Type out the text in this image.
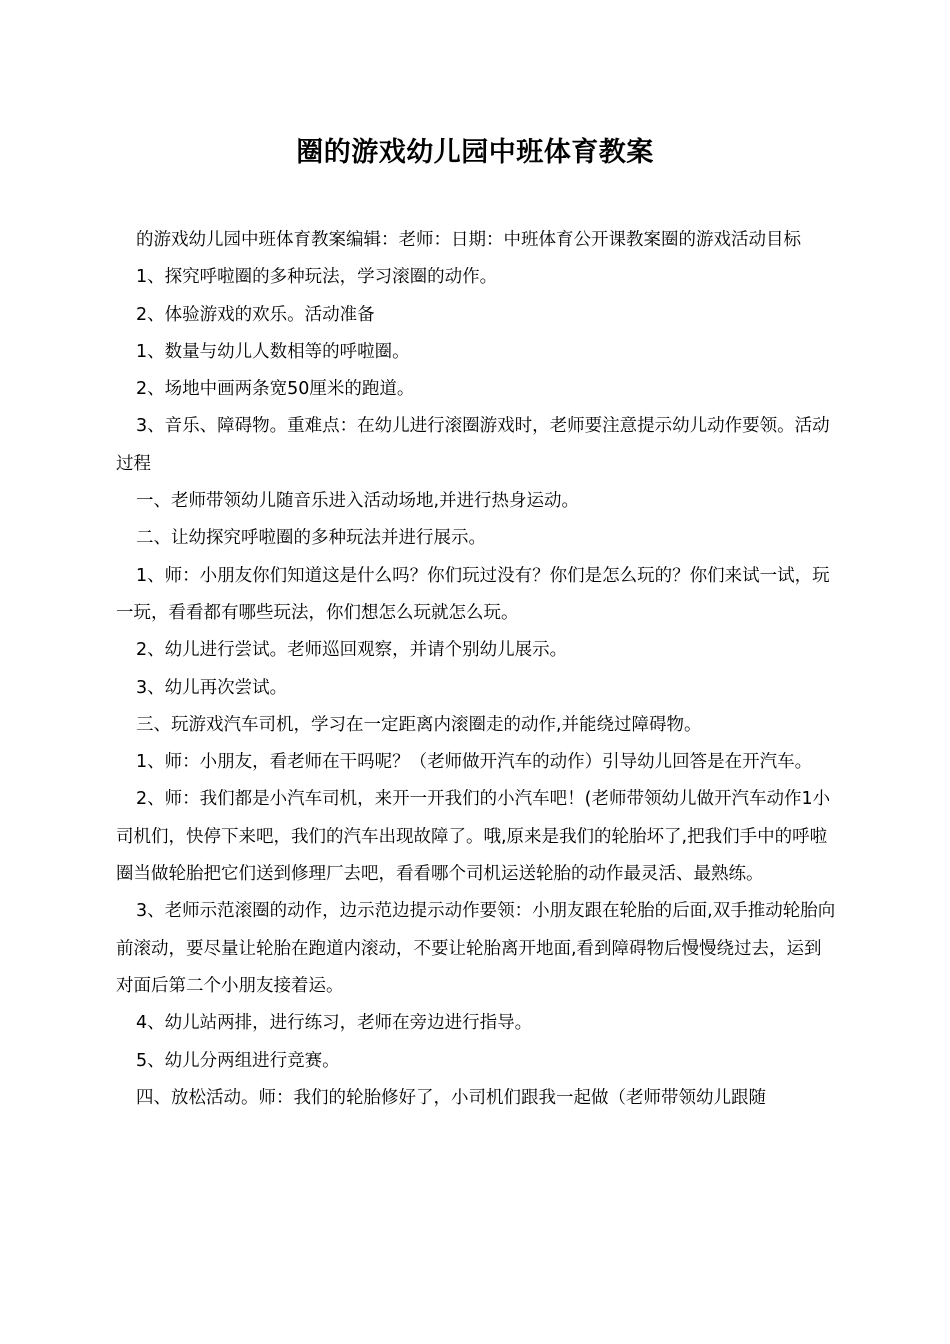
圈的游戏幼儿园中班体育教案

的游戏幼儿园中班体育教案编辑：老师：日期：中班体育公开课教案圈的游戏活动目标

1、探究呼啦圈的多种玩法，学习滚圈的动作。

2、体验游戏的欢乐。活动准备

1、数量与幼儿人数相等的呼啦圈。

2、场地中画两条宽50厘米的跑道。

3、音乐、障碍物。重难点：在幼儿进行滚圈游戏时，老师要注意提示幼儿动作要领。活动过程

一、老师带领幼儿随音乐进入活动场地,并进行热身运动。

二、让幼探究呼啦圈的多种玩法并进行展示。

1、师：小朋友你们知道这是什么吗？你们玩过没有？你们是怎么玩的？你们来试一试，玩一玩，看看都有哪些玩法，你们想怎么玩就怎么玩。

2、幼儿进行尝试。老师巡回观察，并请个别幼儿展示。

3、幼儿再次尝试。

三、玩游戏汽车司机，学习在一定距离内滚圈走的动作,并能绕过障碍物。

1、师：小朋友，看老师在干吗呢？（老师做开汽车的动作）引导幼儿回答是在开汽车。

2、师：我们都是小汽车司机，来开一开我们的小汽车吧！(老师带领幼儿做开汽车动作1小司机们，快停下来吧，我们的汽车出现故障了。哦,原来是我们的轮胎坏了,把我们手中的呼啦圈当做轮胎把它们送到修理厂去吧，看看哪个司机运送轮胎的动作最灵活、最熟练。

3、老师示范滚圈的动作，边示范边提示动作要领：小朋友跟在轮胎的后面,双手推动轮胎向前滚动，要尽量让轮胎在跑道内滚动，不要让轮胎离开地面,看到障碍物后慢慢绕过去，运到对面后第二个小朋友接着运。

4、幼儿站两排，进行练习，老师在旁边进行指导。

5、幼儿分两组进行竞赛。

四、放松活动。师：我们的轮胎修好了，小司机们跟我一起做（老师带领幼儿跟随
